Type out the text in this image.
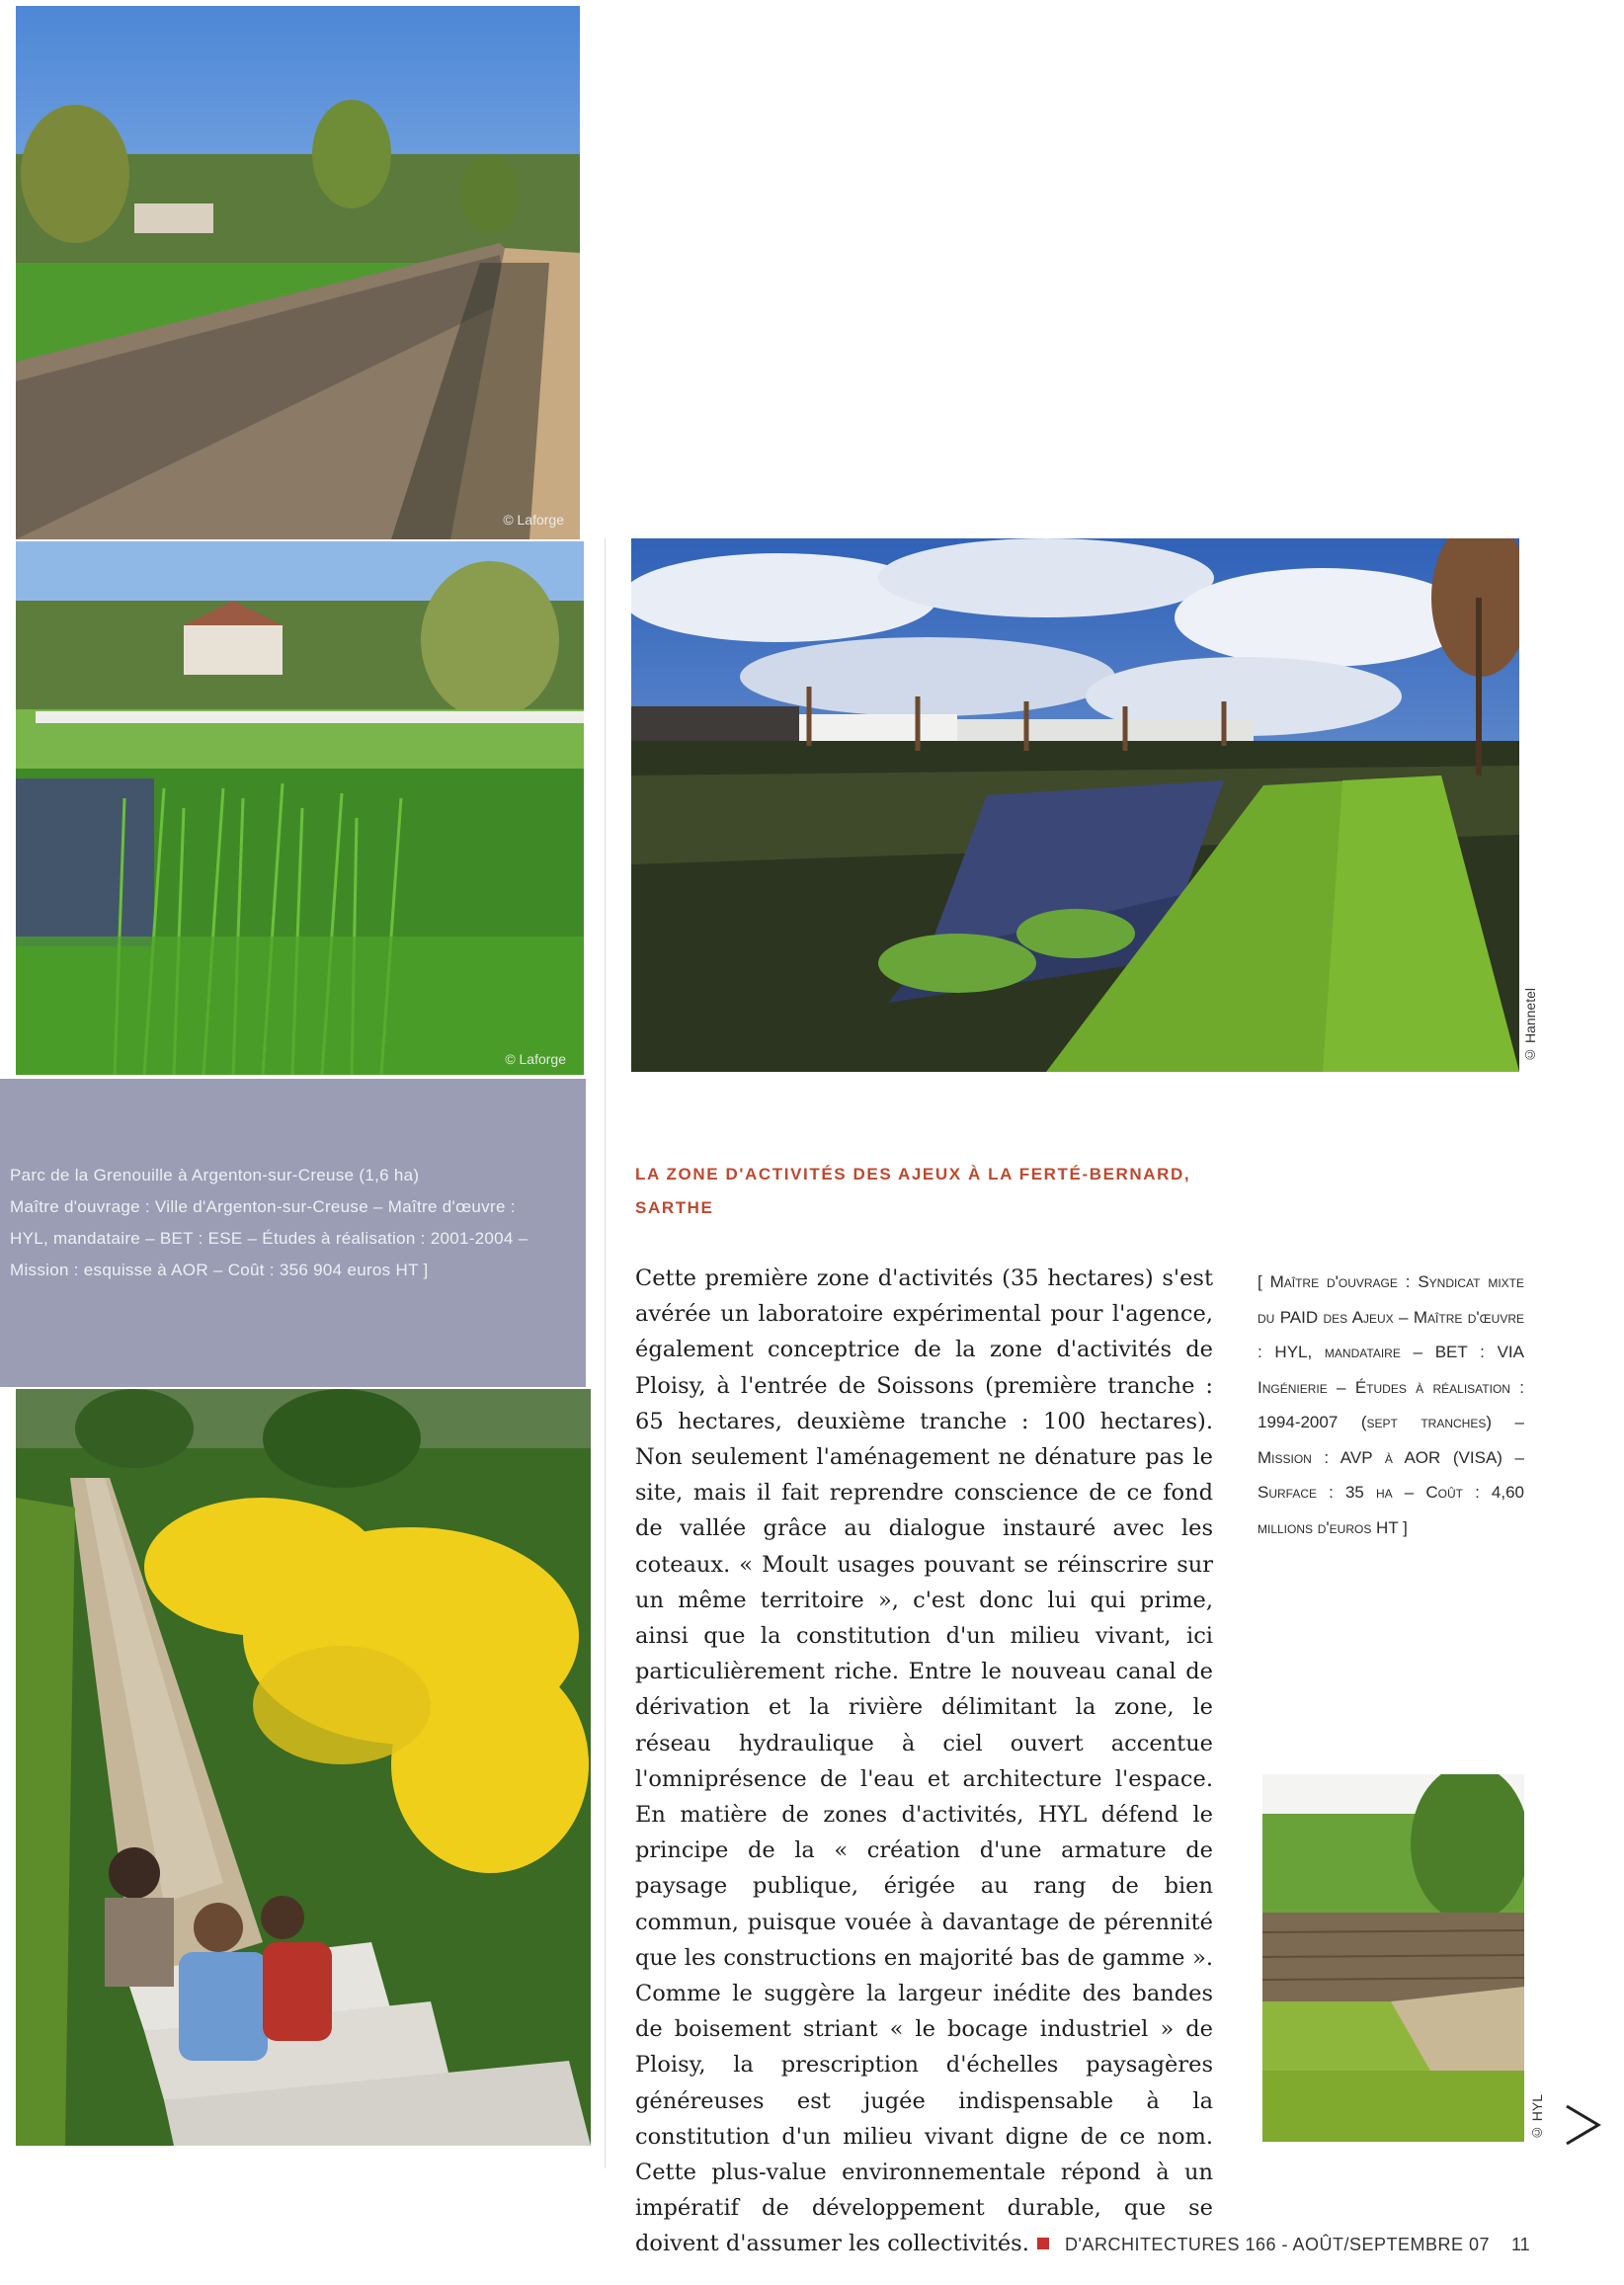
© Laforge
© Laforge	© Hannetel
Parc de la Grenouille à Argenton-sur-Creuse (1,6 ha)
Maître d'ouvrage : Ville d'Argenton-sur-Creuse – Maître d'œuvre :
HYL, mandataire – BET : ESE – Études à réalisation : 2001-2004 –
Mission : esquisse à AOR – Coût : 356 904 euros HT ]
LA ZONE D'ACTIVITÉS DES AJEUX À LA FERTÉ-BERNARD,
SARTHE
Cette première zone d'activités (35 hectares) s'est avérée un laboratoire expérimental pour l'agence, également conceptrice de la zone d'activités de Ploisy, à l'entrée de Soissons (première tranche : 65 hectares, deuxième tranche : 100 hectares). Non seulement l'aménagement ne dénature pas le site, mais il fait reprendre conscience de ce fond de vallée grâce au dialogue instauré avec les coteaux. « Moult usages pouvant se réinscrire sur un même territoire », c'est donc lui qui prime, ainsi que la constitution d'un milieu vivant, ici particulièrement riche. Entre le nouveau canal de dérivation et la rivière délimitant la zone, le réseau hydraulique à ciel ouvert accentue l'omniprésence de l'eau et architecture l'espace. En matière de zones d'activités, HYL défend le principe de la « création d'une armature de paysage publique, érigée au rang de bien commun, puisque vouée à davantage de pérennité que les constructions en majorité bas de gamme ». Comme le suggère la largeur inédite des bandes de boisement striant « le bocage industriel » de Ploisy, la prescription d'échelles paysagères généreuses est jugée indispensable à la constitution d'un milieu vivant digne de ce nom. Cette plus-value environnementale répond à un impératif de développement durable, que se doivent d'assumer les collectivités.
[ Maître d'ouvrage : Syndicat mixte du PAID des Ajeux – Maître d'œuvre : HYL, mandataire – BET : VIA Ingénierie – Études à réalisation : 1994-2007 (sept tranches) – Mission : AVP à AOR (VISA) – Surface : 35 ha – Coût : 4,60 millions d'euros HT ]
© HYL
D'ARCHITECTURES 166 - AOÛT/SEPTEMBRE 07 11
